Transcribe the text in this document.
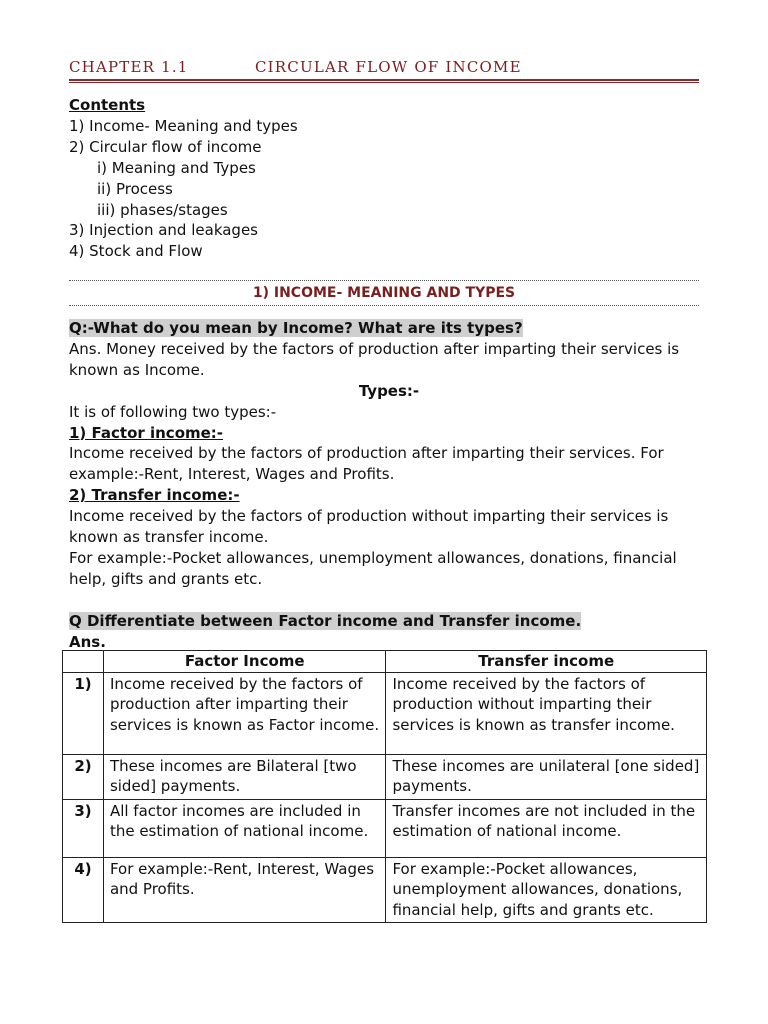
CHAPTER 1.1	CIRCULAR FLOW OF INCOME
Contents
1) Income- Meaning and types
2) Circular flow of income
i) Meaning and Types
ii) Process
iii) phases/stages
3) Injection and leakages
4) Stock and Flow
1) INCOME- MEANING AND TYPES
Q:-What do you mean by Income? What are its types?
Ans. Money received by the factors of production after imparting their services is known as Income.
Types:-
It is of following two types:-
1) Factor income:-
Income received by the factors of production after imparting their services. For example:-Rent, Interest, Wages and Profits.
2) Transfer income:-
Income received by the factors of production without imparting their services is known as transfer income.
For example:-Pocket allowances, unemployment allowances, donations, financial help, gifts and grants etc.
Q Differentiate between Factor income and Transfer income.
Ans.
	Factor Income	Transfer income
1)	Income received by the factors of production after imparting their services is known as Factor income.	Income received by the factors of production without imparting their services is known as transfer income.
2)	These incomes are Bilateral [two sided] payments.	These incomes are unilateral [one sided] payments.
3)	All factor incomes are included in the estimation of national income.	Transfer incomes are not included in the estimation of national income.
4)	For example:-Rent, Interest, Wages and Profits.	For example:-Pocket allowances, unemployment allowances, donations, financial help, gifts and grants etc.
